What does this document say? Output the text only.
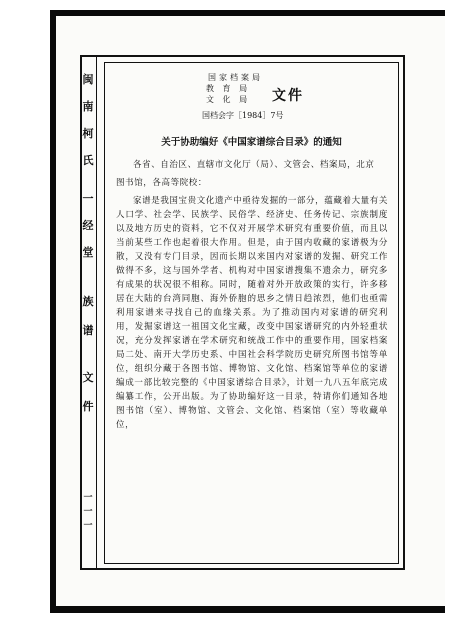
闽
南
柯
氏
一
经
堂
族
谱
文
件
一
一
一
国家档案局
教 育 局
文 化 局 文件
国档会字［1984］7号
关于协助编好《中国家谱综合目录》的通知

各省、自治区、直辖市文化厅（局）、文管会、档案局，北京

图书馆，各高等院校：

家谱是我国宝贵文化遗产中亟待发掘的一部分，蕴藏着大量有关人口学、社会学、民族学、民俗学、经济史、任务传记、宗族制度以及地方历史的资料，它不仅对开展学术研究有重要价值，而且以当前某些工作也起着很大作用。但是，由于国内收藏的家谱极为分散，又没有专门目录，因而长期以来国内对家谱的发掘、研究工作做得不多，这与国外学者、机构对中国家谱搜集不遗余力，研究多有成果的状况很不相称。同时，随着对外开放政策的实行，许多移居在大陆的台湾同胞、海外侨胞的思乡之情日趋浓烈，他们也亟需利用家谱来寻找自己的血缘关系。为了推动国内对家谱的研究利用，发掘家谱这一祖国文化宝藏，改变中国家谱研究的内外轻重状况，充分发挥家谱在学术研究和统战工作中的重要作用，国家档案局二处、南开大学历史系、中国社会科学院历史研究所图书馆等单位，组织分藏于各图书馆、博物馆、文化馆、档案馆等单位的家谱编成一部比较完整的《中国家谱综合目录》，计划一九八五年底完成编纂工作，公开出版。为了协助编好这一目录，特请你们通知各地图书馆（室）、博物馆、文管会、文化馆、档案馆（室）等收藏单位，
